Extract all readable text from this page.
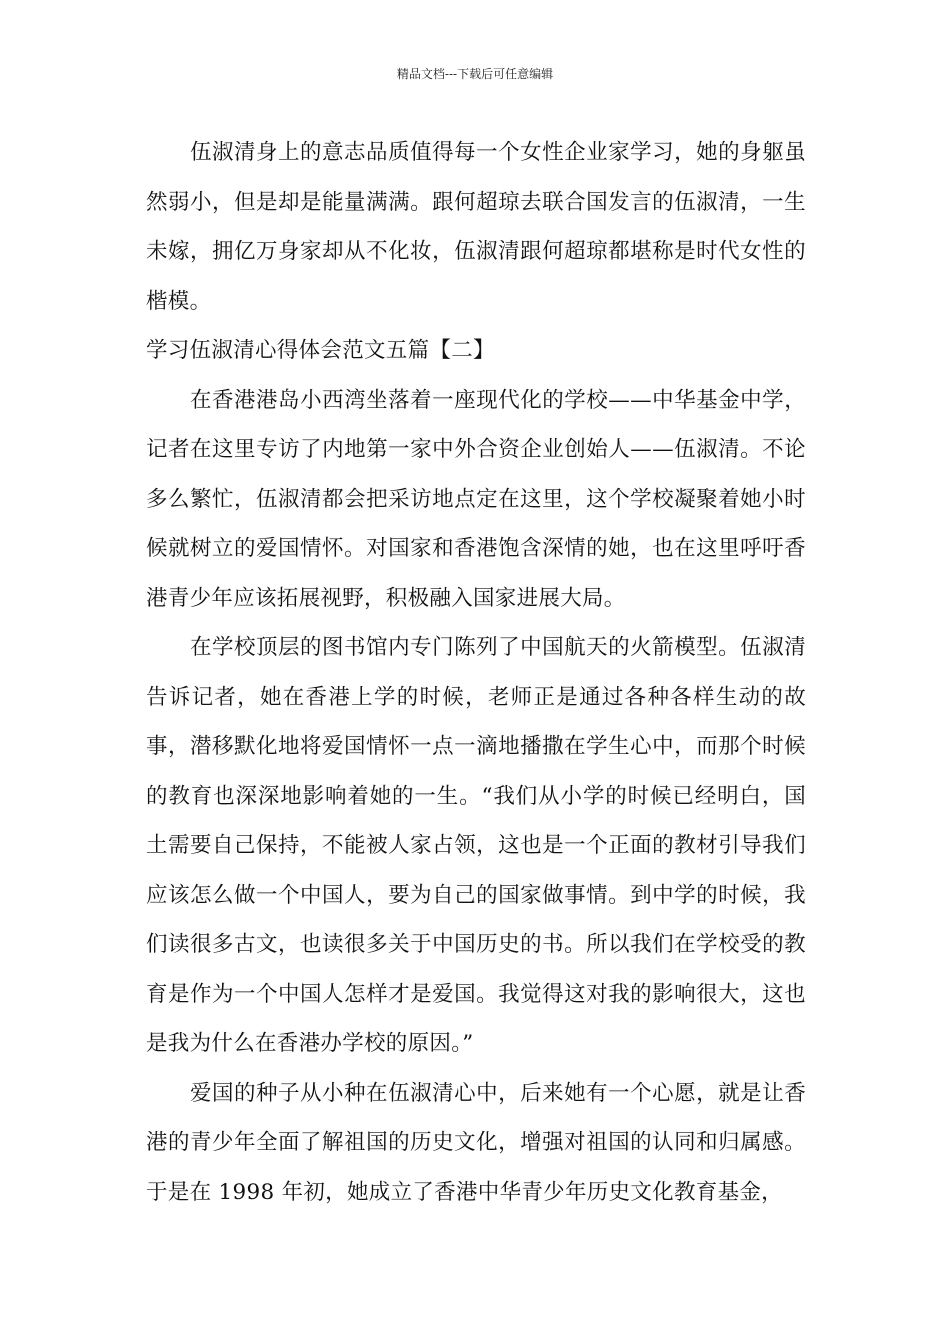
精品文档---下载后可任意编辑

伍淑清身上的意志品质值得每一个女性企业家学习，她的身躯虽然弱小，但是却是能量满满。跟何超琼去联合国发言的伍淑清，一生未嫁，拥亿万身家却从不化妆，伍淑清跟何超琼都堪称是时代女性的楷模。

学习伍淑清心得体会范文五篇【二】

在香港港岛小西湾坐落着一座现代化的学校——中华基金中学，记者在这里专访了内地第一家中外合资企业创始人——伍淑清。不论多么繁忙，伍淑清都会把采访地点定在这里，这个学校凝聚着她小时候就树立的爱国情怀。对国家和香港饱含深情的她，也在这里呼吁香港青少年应该拓展视野，积极融入国家进展大局。

在学校顶层的图书馆内专门陈列了中国航天的火箭模型。伍淑清告诉记者，她在香港上学的时候，老师正是通过各种各样生动的故事，潜移默化地将爱国情怀一点一滴地播撒在学生心中，而那个时候的教育也深深地影响着她的一生。“我们从小学的时候已经明白，国土需要自己保持，不能被人家占领，这也是一个正面的教材引导我们应该怎么做一个中国人，要为自己的国家做事情。到中学的时候，我们读很多古文，也读很多关于中国历史的书。所以我们在学校受的教育是作为一个中国人怎样才是爱国。我觉得这对我的影响很大，这也是我为什么在香港办学校的原因。”

爱国的种子从小种在伍淑清心中，后来她有一个心愿，就是让香港的青少年全面了解祖国的历史文化，增强对祖国的认同和归属感。于是在 1998 年初，她成立了香港中华青少年历史文化教育基金，
